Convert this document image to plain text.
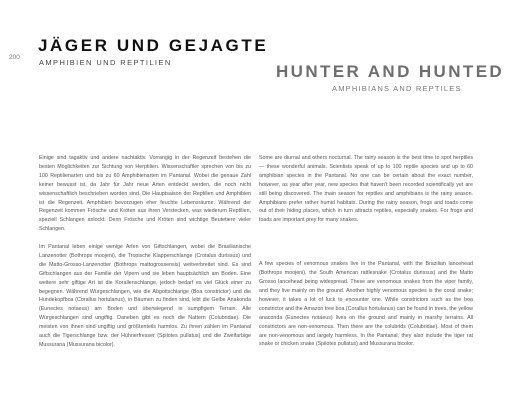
200
JÄGER UND GEJAGTE
AMPHIBIEN UND REPTILIEN	HUNTER AND HUNTED
AMPHIBIANS AND REPTILES

Einige sind tagaktiv und andere nachtaktiv. Vorrangig in der Regenzeit bestehen die besten Möglichkeiten zur Sichtung von Herptilien. Wissenschaftler sprechen von bis zu 100 Reptilienarten und bis zu 60 Amphibienarten im Pantanal. Wobei die genaue Zahl keiner bewusst ist, da Jahr für Jahr neue Arten entdeckt werden, die noch nicht wissenschaftlich beschrieben worden sind. Die Hauptsaison der Reptilien und Amphibien ist die Regenzeit. Amphibien bevorzugen eher feuchte Lebensräume. Während der Regenzeit kommen Frösche und Kröten aus ihren Verstecken, was wiederum Reptilien, speziell Schlangen anlockt. Denn Frösche und Kröten sind wichtige Beutetiere vieler Schlangen.

Im Pantanal leben einige wenige Arten von Giftschlangen, wobei die Brasilianische Lanzenotter (Bothrops moojeni), die Tropische Klapperschlange (Crotalus durissus) und die Matto-Grosso-Lanzenotter (Bothrops mattogrossensis) weitverbreitet sind. Es sind Giftschlangen aus der Familie der Vipern und sie leben hauptsächlich am Boden. Eine weitere sehr giftige Art ist die Korallenschlange, jedoch bedarf es viel Glück einer zu begegnen. Während Würgeschlangen, wie die Abgottschlange (Boa constrictor) und die Hundekopfboa (Corallus hortulanus), in Bäumen zu finden sind, lebt die Gelbe Anakonda (Eunectes notaeus) am Boden und überwiegend in sumpfigem Terrain. Alle Würgeschlangen sind ungiftig. Daneben gibt es noch die Nattern (Colubridae). Die meisten von ihnen sind ungiftig und größtenteils harmlos. Zu ihnen zählen im Pantanal auch die Tigerschlange bzw. der Hühnerfresser (Spilotes pullatus) und die Zweifarbige Mussurana (Mussurana bicolor).

Some are diurnal and others nocturnal. The rainy season is the best time to spot herptiles — these wonderful animals. Scientists speak of up to 100 reptile species and up to 60 amphibian species in the Pantanal. No one can be certain about the exact number, however, as year after year, new species that haven't been recorded scientifically yet are still being discovered. The main season for reptiles and amphibians is the rainy season. Amphibians prefer rather humid habitats. During the rainy season, frogs and toads come out of their hiding places, which in turn attracts reptiles, especially snakes. For frogs and toads are important prey for many snakes.

A few species of venomous snakes live in the Pantanal, with the Brazilian lancehead (Bothrops moojeni), the South American rattlesnake (Crotalus durissus) and the Matto Grosso lancehead being widespread. These are venomous snakes from the viper family, and they live mainly on the ground. Another highly venomous species is the coral snake; however, it takes a lot of luck to encounter one. While constrictors such as the boa constrictor and the Amazon tree boa (Corallus hortulanus) can be found in trees, the yellow anaconda (Eunectes notaeus) lives on the ground and mainly in marshy terrains. All constrictors are non-venomous. Then there are the colubrids (Colubridae). Most of them are non-venomous and largely harmless. In the Pantanal, they also include the tiger rat snake or chicken snake (Spilotes pullatus) and Mussurana bicolor.
